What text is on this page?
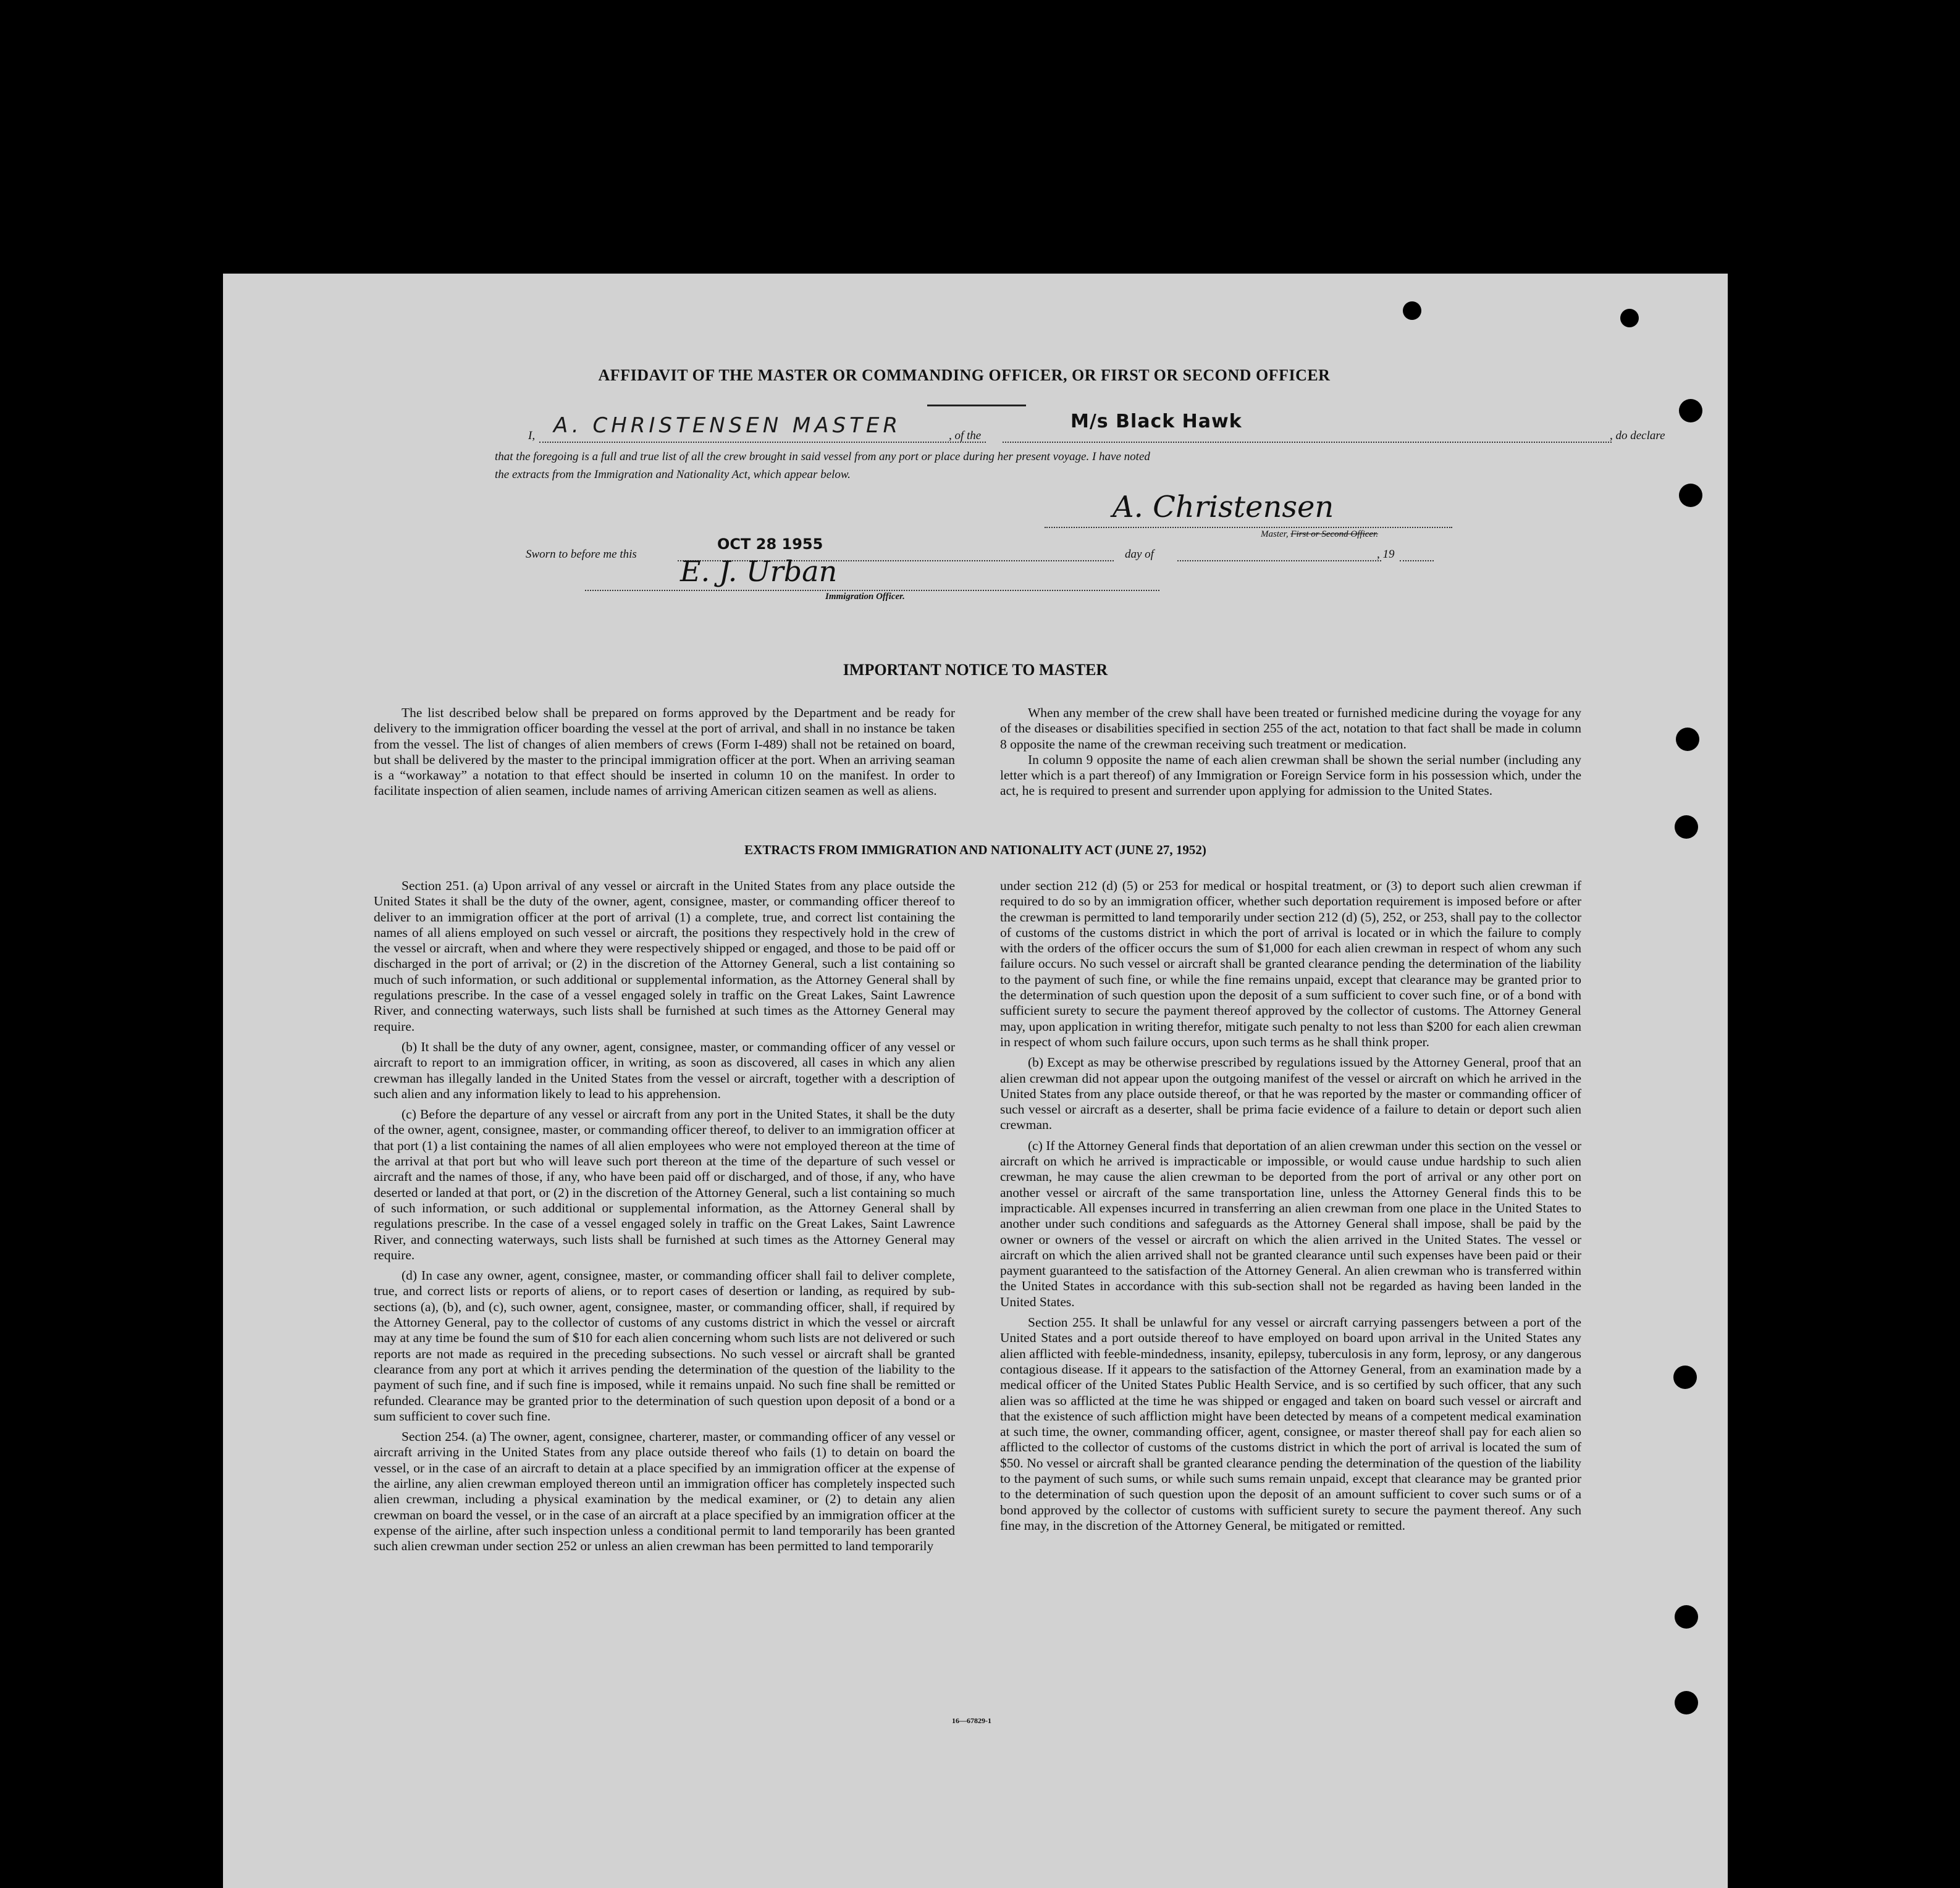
AFFIDAVIT OF THE MASTER OR COMMANDING OFFICER, OR FIRST OR SECOND OFFICER
I, A. CHRISTENSEN MASTER	, of the
M/s Black Hawk
, do declare
that the foregoing is a full and true list of all the crew brought in said vessel from any port or place during her present voyage. I have noted
the extracts from the Immigration and Nationality Act, which appear below.
A. Christensen
Master, First or Second Officer.
Sworn to before me this
OCT 28 1955
day of	, 19
E. J. Urban
Immigration Officer.
IMPORTANT NOTICE TO MASTER

The list described below shall be prepared on forms approved by the Department and be ready for delivery to the immigration officer boarding the vessel at the port of arrival, and shall in no instance be taken from the vessel. The list of changes of alien members of crews (Form I-489) shall not be retained on board, but shall be delivered by the master to the principal immigration officer at the port. When an arriving seaman is a “workaway” a notation to that effect should be inserted in column 10 on the manifest. In order to facilitate inspection of alien seamen, include names of arriving American citizen seamen as well as aliens.

When any member of the crew shall have been treated or furnished medicine during the voyage for any of the diseases or disabilities specified in section 255 of the act, notation to that fact shall be made in column 8 opposite the name of the crewman receiving such treatment or medication.

In column 9 opposite the name of each alien crewman shall be shown the serial number (including any letter which is a part thereof) of any Immigration or Foreign Service form in his possession which, under the act, he is required to present and surrender upon applying for admission to the United States.

EXTRACTS FROM IMMIGRATION AND NATIONALITY ACT (JUNE 27, 1952)

Section 251. (a) Upon arrival of any vessel or aircraft in the United States from any place outside the United States it shall be the duty of the owner, agent, consignee, master, or commanding officer thereof to deliver to an immigration officer at the port of arrival (1) a complete, true, and correct list containing the names of all aliens employed on such vessel or aircraft, the positions they respectively hold in the crew of the vessel or aircraft, when and where they were respectively shipped or engaged, and those to be paid off or discharged in the port of arrival; or (2) in the discretion of the Attorney General, such a list containing so much of such information, or such additional or supplemental information, as the Attorney General shall by regulations prescribe. In the case of a vessel engaged solely in traffic on the Great Lakes, Saint Lawrence River, and connecting waterways, such lists shall be furnished at such times as the Attorney General may require.

(b) It shall be the duty of any owner, agent, consignee, master, or commanding officer of any vessel or aircraft to report to an immigration officer, in writing, as soon as discovered, all cases in which any alien crewman has illegally landed in the United States from the vessel or aircraft, together with a description of such alien and any information likely to lead to his apprehension.

(c) Before the departure of any vessel or aircraft from any port in the United States, it shall be the duty of the owner, agent, consignee, master, or commanding officer thereof, to deliver to an immigration officer at that port (1) a list containing the names of all alien employees who were not employed thereon at the time of the arrival at that port but who will leave such port thereon at the time of the departure of such vessel or aircraft and the names of those, if any, who have been paid off or discharged, and of those, if any, who have deserted or landed at that port, or (2) in the discretion of the Attorney General, such a list containing so much of such information, or such additional or supplemental information, as the Attorney General shall by regulations prescribe. In the case of a vessel engaged solely in traffic on the Great Lakes, Saint Lawrence River, and connecting waterways, such lists shall be furnished at such times as the Attorney General may require.

(d) In case any owner, agent, consignee, master, or commanding officer shall fail to deliver complete, true, and correct lists or reports of aliens, or to report cases of desertion or landing, as required by sub-sections (a), (b), and (c), such owner, agent, consignee, master, or commanding officer, shall, if required by the Attorney General, pay to the collector of customs of any customs district in which the vessel or aircraft may at any time be found the sum of $10 for each alien concerning whom such lists are not delivered or such reports are not made as required in the preceding subsections. No such vessel or aircraft shall be granted clearance from any port at which it arrives pending the determination of the question of the liability to the payment of such fine, and if such fine is imposed, while it remains unpaid. No such fine shall be remitted or refunded. Clearance may be granted prior to the determination of such question upon deposit of a bond or a sum sufficient to cover such fine.

Section 254. (a) The owner, agent, consignee, charterer, master, or commanding officer of any vessel or aircraft arriving in the United States from any place outside thereof who fails (1) to detain on board the vessel, or in the case of an aircraft to detain at a place specified by an immigration officer at the expense of the airline, any alien crewman employed thereon until an immigration officer has completely inspected such alien crewman, including a physical examination by the medical examiner, or (2) to detain any alien crewman on board the vessel, or in the case of an aircraft at a place specified by an immigration officer at the expense of the airline, after such inspection unless a conditional permit to land temporarily has been granted such alien crewman under section 252 or unless an alien crewman has been permitted to land temporarily

under section 212 (d) (5) or 253 for medical or hospital treatment, or (3) to deport such alien crewman if required to do so by an immigration officer, whether such deportation requirement is imposed before or after the crewman is permitted to land temporarily under section 212 (d) (5), 252, or 253, shall pay to the collector of customs of the customs district in which the port of arrival is located or in which the failure to comply with the orders of the officer occurs the sum of $1,000 for each alien crewman in respect of whom any such failure occurs. No such vessel or aircraft shall be granted clearance pending the determination of the liability to the payment of such fine, or while the fine remains unpaid, except that clearance may be granted prior to the determination of such question upon the deposit of a sum sufficient to cover such fine, or of a bond with sufficient surety to secure the payment thereof approved by the collector of customs. The Attorney General may, upon application in writing therefor, mitigate such penalty to not less than $200 for each alien crewman in respect of whom such failure occurs, upon such terms as he shall think proper.

(b) Except as may be otherwise prescribed by regulations issued by the Attorney General, proof that an alien crewman did not appear upon the outgoing manifest of the vessel or aircraft on which he arrived in the United States from any place outside thereof, or that he was reported by the master or commanding officer of such vessel or aircraft as a deserter, shall be prima facie evidence of a failure to detain or deport such alien crewman.

(c) If the Attorney General finds that deportation of an alien crewman under this section on the vessel or aircraft on which he arrived is impracticable or impossible, or would cause undue hardship to such alien crewman, he may cause the alien crewman to be deported from the port of arrival or any other port on another vessel or aircraft of the same transportation line, unless the Attorney General finds this to be impracticable. All expenses incurred in transferring an alien crewman from one place in the United States to another under such conditions and safeguards as the Attorney General shall impose, shall be paid by the owner or owners of the vessel or aircraft on which the alien arrived in the United States. The vessel or aircraft on which the alien arrived shall not be granted clearance until such expenses have been paid or their payment guaranteed to the satisfaction of the Attorney General. An alien crewman who is transferred within the United States in accordance with this sub-section shall not be regarded as having been landed in the United States.

Section 255. It shall be unlawful for any vessel or aircraft carrying passengers between a port of the United States and a port outside thereof to have employed on board upon arrival in the United States any alien afflicted with feeble-mindedness, insanity, epilepsy, tuberculosis in any form, leprosy, or any dangerous contagious disease. If it appears to the satisfaction of the Attorney General, from an examination made by a medical officer of the United States Public Health Service, and is so certified by such officer, that any such alien was so afflicted at the time he was shipped or engaged and taken on board such vessel or aircraft and that the existence of such affliction might have been detected by means of a competent medical examination at such time, the owner, commanding officer, agent, consignee, or master thereof shall pay for each alien so afflicted to the collector of customs of the customs district in which the port of arrival is located the sum of $50. No vessel or aircraft shall be granted clearance pending the determination of the question of the liability to the payment of such sums, or while such sums remain unpaid, except that clearance may be granted prior to the determination of such question upon the deposit of an amount sufficient to cover such sums or of a bond approved by the collector of customs with sufficient surety to secure the payment thereof. Any such fine may, in the discretion of the Attorney General, be mitigated or remitted.

16—67829-1
